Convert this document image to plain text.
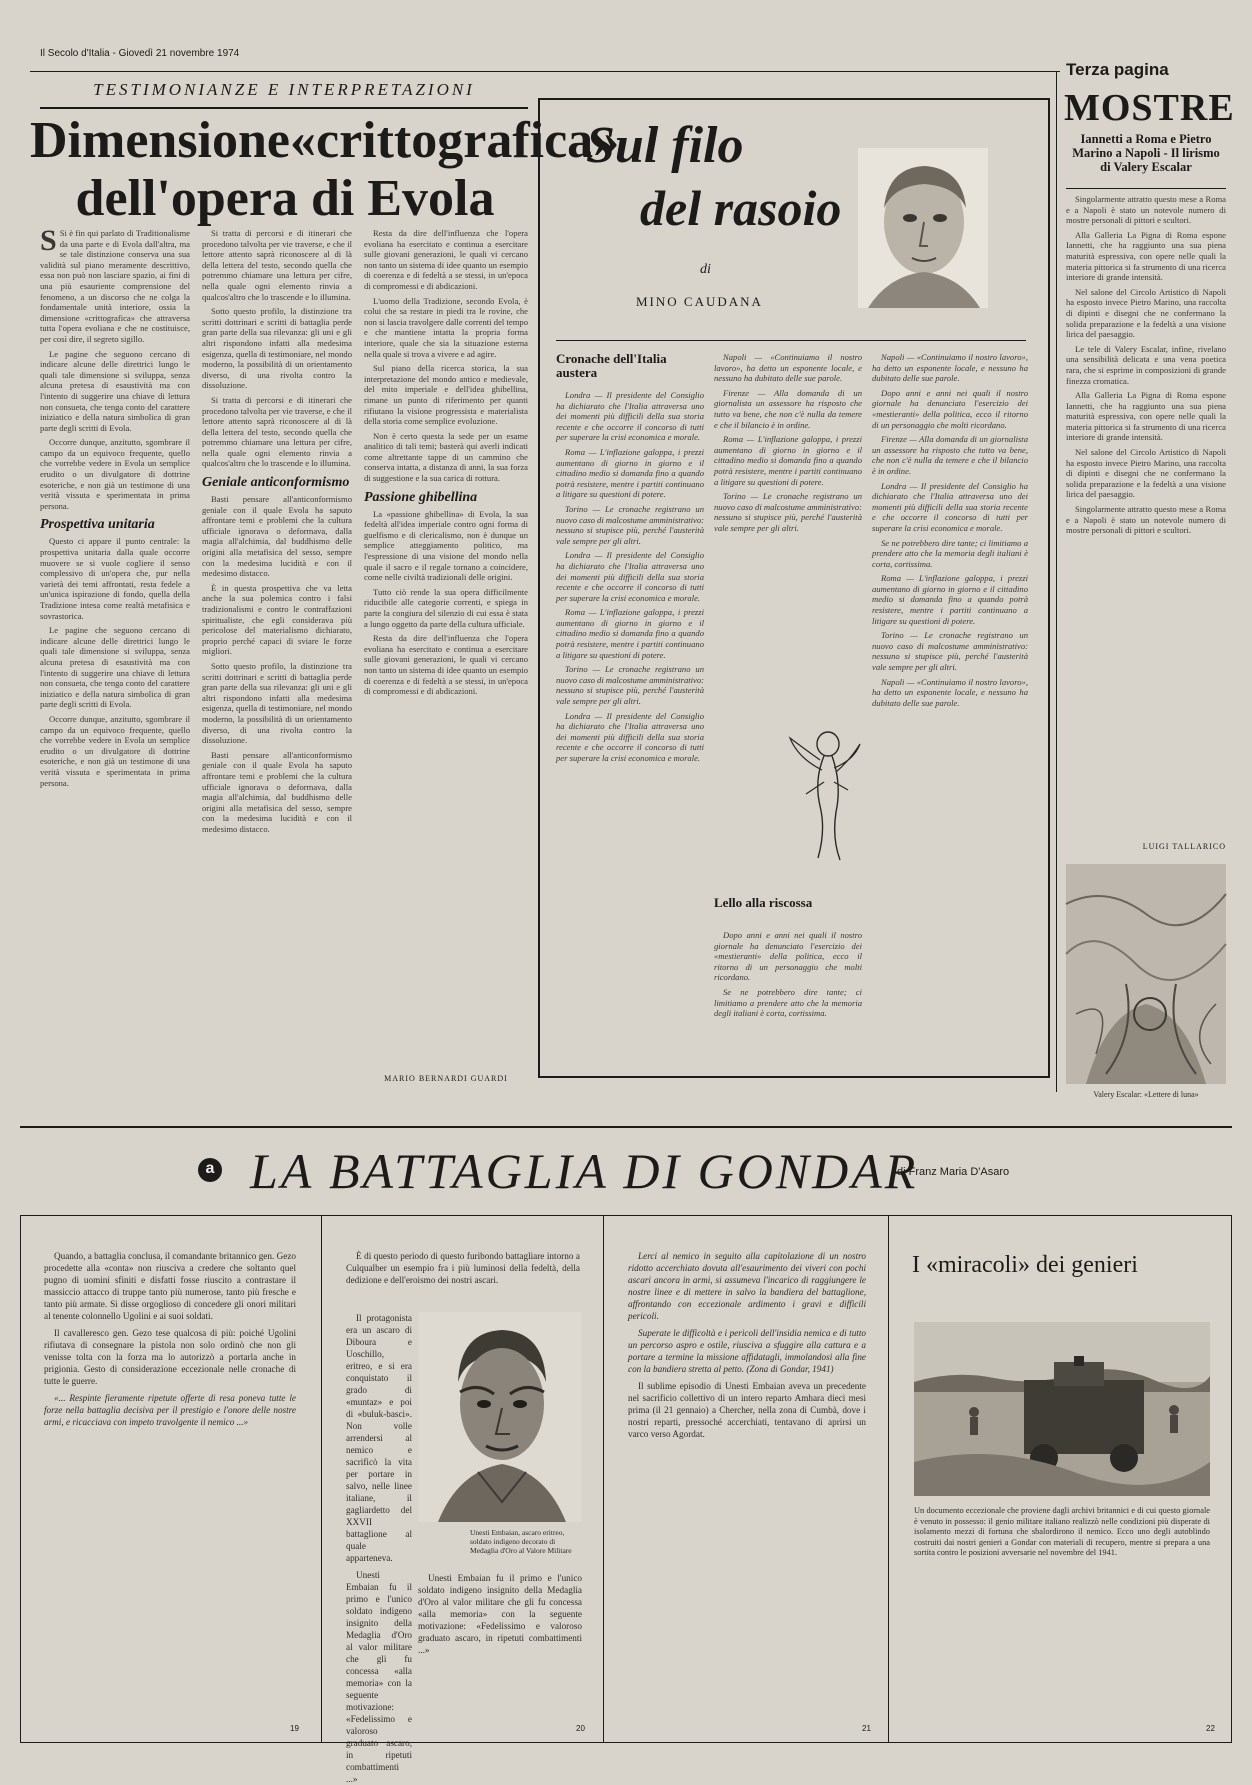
Il Secolo d'Italia - Giovedì 21 novembre 1974
Terza pagina
TESTIMONIANZE E INTERPRETAZIONI
Dimensione«crittografica»
dell'opera di Evola

S Si è fin qui parlato di Traditionalisme da una parte e di Evola dall'altra, ma se tale distinzione conserva una sua validità sul piano meramente descrittivo, essa non può non lasciare spazio, ai fini di una più esauriente comprensione del fenomeno, a un discorso che ne colga la fondamentale unità interiore, ossia la dimensione «crittografica» che attraversa tutta l'opera evoliana e che ne costituisce, per così dire, il segreto sigillo.

Le pagine che seguono cercano di indicare alcune delle direttrici lungo le quali tale dimensione si sviluppa, senza alcuna pretesa di esaustività ma con l'intento di suggerire una chiave di lettura non consueta, che tenga conto del carattere iniziatico e della natura simbolica di gran parte degli scritti di Evola.

Occorre dunque, anzitutto, sgombrare il campo da un equivoco frequente, quello che vorrebbe vedere in Evola un semplice erudito o un divulgatore di dottrine esoteriche, e non già un testimone di una verità vissuta e sperimentata in prima persona.

Prospettiva unitaria

Questo ci appare il punto centrale: la prospettiva unitaria dalla quale occorre muovere se si vuole cogliere il senso complessivo di un'opera che, pur nella varietà dei temi affrontati, resta fedele a un'unica ispirazione di fondo, quella della Tradizione intesa come realtà metafisica e sovrastorica.

Le pagine che seguono cercano di indicare alcune delle direttrici lungo le quali tale dimensione si sviluppa, senza alcuna pretesa di esaustività ma con l'intento di suggerire una chiave di lettura non consueta, che tenga conto del carattere iniziatico e della natura simbolica di gran parte degli scritti di Evola.

Occorre dunque, anzitutto, sgombrare il campo da un equivoco frequente, quello che vorrebbe vedere in Evola un semplice erudito o un divulgatore di dottrine esoteriche, e non già un testimone di una verità vissuta e sperimentata in prima persona.

Si tratta di percorsi e di itinerari che procedono talvolta per vie traverse, e che il lettore attento saprà riconoscere al di là della lettera del testo, secondo quella che potremmo chiamare una lettura per cifre, nella quale ogni elemento rinvia a qualcos'altro che lo trascende e lo illumina.

Sotto questo profilo, la distinzione tra scritti dottrinari e scritti di battaglia perde gran parte della sua rilevanza: gli uni e gli altri rispondono infatti alla medesima esigenza, quella di testimoniare, nel mondo moderno, la possibilità di un orientamento diverso, di una rivolta contro la dissoluzione.

Si tratta di percorsi e di itinerari che procedono talvolta per vie traverse, e che il lettore attento saprà riconoscere al di là della lettera del testo, secondo quella che potremmo chiamare una lettura per cifre, nella quale ogni elemento rinvia a qualcos'altro che lo trascende e lo illumina.

Geniale anticonformismo

Basti pensare all'anticonformismo geniale con il quale Evola ha saputo affrontare temi e problemi che la cultura ufficiale ignorava o deformava, dalla magia all'alchimia, dal buddhismo delle origini alla metafisica del sesso, sempre con la medesima lucidità e con il medesimo distacco.

È in questa prospettiva che va letta anche la sua polemica contro i falsi tradizionalismi e contro le contraffazioni spiritualiste, che egli considerava più pericolose del materialismo dichiarato, proprio perché capaci di sviare le forze migliori.

Sotto questo profilo, la distinzione tra scritti dottrinari e scritti di battaglia perde gran parte della sua rilevanza: gli uni e gli altri rispondono infatti alla medesima esigenza, quella di testimoniare, nel mondo moderno, la possibilità di un orientamento diverso, di una rivolta contro la dissoluzione.

Basti pensare all'anticonformismo geniale con il quale Evola ha saputo affrontare temi e problemi che la cultura ufficiale ignorava o deformava, dalla magia all'alchimia, dal buddhismo delle origini alla metafisica del sesso, sempre con la medesima lucidità e con il medesimo distacco.

Resta da dire dell'influenza che l'opera evoliana ha esercitato e continua a esercitare sulle giovani generazioni, le quali vi cercano non tanto un sistema di idee quanto un esempio di coerenza e di fedeltà a se stessi, in un'epoca di compromessi e di abdicazioni.

L'uomo della Tradizione, secondo Evola, è colui che sa restare in piedi tra le rovine, che non si lascia travolgere dalle correnti del tempo e che mantiene intatta la propria forma interiore, quale che sia la situazione esterna nella quale si trova a vivere e ad agire.

Sul piano della ricerca storica, la sua interpretazione del mondo antico e medievale, del mito imperiale e dell'idea ghibellina, rimane un punto di riferimento per quanti rifiutano la visione progressista e materialista della storia come semplice evoluzione.

Non è certo questa la sede per un esame analitico di tali temi; basterà qui averli indicati come altrettante tappe di un cammino che conserva intatta, a distanza di anni, la sua forza di suggestione e la sua carica di rottura.

Passione ghibellina

La «passione ghibellina» di Evola, la sua fedeltà all'idea imperiale contro ogni forma di guelfismo e di clericalismo, non è dunque un semplice atteggiamento politico, ma l'espressione di una visione del mondo nella quale il sacro e il regale tornano a coincidere, come nelle civiltà tradizionali delle origini.

Tutto ciò rende la sua opera difficilmente riducibile alle categorie correnti, e spiega in parte la congiura del silenzio di cui essa è stata a lungo oggetto da parte della cultura ufficiale.

Resta da dire dell'influenza che l'opera evoliana ha esercitato e continua a esercitare sulle giovani generazioni, le quali vi cercano non tanto un sistema di idee quanto un esempio di coerenza e di fedeltà a se stessi, in un'epoca di compromessi e di abdicazioni.

MARIO BERNARDI GUARDI
Sul filo
del rasoio
di
MINO CAUDANA
Cronache dell'Italia austera

Londra — Il presidente del Consiglio ha dichiarato che l'Italia attraversa uno dei momenti più difficili della sua storia recente e che occorre il concorso di tutti per superare la crisi economica e morale.

Roma — L'inflazione galoppa, i prezzi aumentano di giorno in giorno e il cittadino medio si domanda fino a quando potrà resistere, mentre i partiti continuano a litigare su questioni di potere.

Torino — Le cronache registrano un nuovo caso di malcostume amministrativo: nessuno si stupisce più, perché l'austerità vale sempre per gli altri.

Londra — Il presidente del Consiglio ha dichiarato che l'Italia attraversa uno dei momenti più difficili della sua storia recente e che occorre il concorso di tutti per superare la crisi economica e morale.

Roma — L'inflazione galoppa, i prezzi aumentano di giorno in giorno e il cittadino medio si domanda fino a quando potrà resistere, mentre i partiti continuano a litigare su questioni di potere.

Torino — Le cronache registrano un nuovo caso di malcostume amministrativo: nessuno si stupisce più, perché l'austerità vale sempre per gli altri.

Londra — Il presidente del Consiglio ha dichiarato che l'Italia attraversa uno dei momenti più difficili della sua storia recente e che occorre il concorso di tutti per superare la crisi economica e morale.

Napoli — «Continuiamo il nostro lavoro», ha detto un esponente locale, e nessuno ha dubitato delle sue parole.

Firenze — Alla domanda di un giornalista un assessore ha risposto che tutto va bene, che non c'è nulla da temere e che il bilancio è in ordine.

Roma — L'inflazione galoppa, i prezzi aumentano di giorno in giorno e il cittadino medio si domanda fino a quando potrà resistere, mentre i partiti continuano a litigare su questioni di potere.

Torino — Le cronache registrano un nuovo caso di malcostume amministrativo: nessuno si stupisce più, perché l'austerità vale sempre per gli altri.

Lello alla riscossa

Dopo anni e anni nei quali il nostro giornale ha denunciato l'esercizio dei «mestieranti» della politica, ecco il ritorno di un personaggio che molti ricordano.

Se ne potrebbero dire tante; ci limitiamo a prendere atto che la memoria degli italiani è corta, cortissima.

Napoli — «Continuiamo il nostro lavoro», ha detto un esponente locale, e nessuno ha dubitato delle sue parole.

Dopo anni e anni nei quali il nostro giornale ha denunciato l'esercizio dei «mestieranti» della politica, ecco il ritorno di un personaggio che molti ricordano.

Firenze — Alla domanda di un giornalista un assessore ha risposto che tutto va bene, che non c'è nulla da temere e che il bilancio è in ordine.

Londra — Il presidente del Consiglio ha dichiarato che l'Italia attraversa uno dei momenti più difficili della sua storia recente e che occorre il concorso di tutti per superare la crisi economica e morale.

Se ne potrebbero dire tante; ci limitiamo a prendere atto che la memoria degli italiani è corta, cortissima.

Roma — L'inflazione galoppa, i prezzi aumentano di giorno in giorno e il cittadino medio si domanda fino a quando potrà resistere, mentre i partiti continuano a litigare su questioni di potere.

Torino — Le cronache registrano un nuovo caso di malcostume amministrativo: nessuno si stupisce più, perché l'austerità vale sempre per gli altri.

Napoli — «Continuiamo il nostro lavoro», ha detto un esponente locale, e nessuno ha dubitato delle sue parole.

MOSTRE
Iannetti a Roma e Pietro Marino a Napoli - Il lirismo di Valery Escalar

Singolarmente attratto questo mese a Roma e a Napoli è stato un notevole numero di mostre personali di pittori e scultori.

Alla Galleria La Pigna di Roma espone Iannetti, che ha raggiunto una sua piena maturità espressiva, con opere nelle quali la materia pittorica si fa strumento di una ricerca interiore di grande intensità.

Nel salone del Circolo Artistico di Napoli ha esposto invece Pietro Marino, una raccolta di dipinti e disegni che ne confermano la solida preparazione e la fedeltà a una visione lirica del paesaggio.

Le tele di Valery Escalar, infine, rivelano una sensibilità delicata e una vena poetica rara, che si esprime in composizioni di grande finezza cromatica.

Alla Galleria La Pigna di Roma espone Iannetti, che ha raggiunto una sua piena maturità espressiva, con opere nelle quali la materia pittorica si fa strumento di una ricerca interiore di grande intensità.

Nel salone del Circolo Artistico di Napoli ha esposto invece Pietro Marino, una raccolta di dipinti e disegni che ne confermano la solida preparazione e la fedeltà a una visione lirica del paesaggio.

Singolarmente attratto questo mese a Roma e a Napoli è stato un notevole numero di mostre personali di pittori e scultori.

LUIGI TALLARICO
Valery Escalar: «Lettere di luna»
a LA BATTAGLIA DI GONDAR
di Franz Maria D'Asaro

Quando, a battaglia conclusa, il comandante britannico gen. Gezo procedette alla «conta» non riusciva a credere che soltanto quel pugno di uomini sfiniti e disfatti fosse riuscito a contrastare il massiccio attacco di truppe tanto più numerose, tanto più fresche e tanto più armate. Si disse orgoglioso di concedere gli onori militari al tenente colonnello Ugolini e ai suoi soldati.

Il cavalleresco gen. Gezo tese qualcosa di più: poiché Ugolini rifiutava di consegnare la pistola non solo ordinò che non gli venisse tolta con la forza ma lo autorizzò a portarla anche in prigionia. Gesto di considerazione eccezionale nelle cronache di tutte le guerre.

«... Respinte fieramente ripetute offerte di resa poneva tutte le forze nella battaglia decisiva per il prestigio e l'onore delle nostre armi, e ricacciava con impeto travolgente il nemico ...»

19

È di questo periodo di questo furibondo battagliare intorno a Culqualber un esempio fra i più luminosi della fedeltà, della dedizione e dell'eroismo dei nostri ascari.

Il protagonista era un ascaro di Diboura e Uoschillo, eritreo, e si era conquistato il grado di «muntaz» e poi di «buluk-basci». Non volle arrendersi al nemico e sacrificò la vita per portare in salvo, nelle linee italiane, il gagliardetto del XXVII battaglione al quale apparteneva.

Unesti Embaian fu il primo e l'unico soldato indigeno insignito della Medaglia d'Oro al valor militare che gli fu concessa «alla memoria» con la seguente motivazione: «Fedelissimo e valoroso graduato ascaro, in ripetuti combattimenti ...»

Unesti Embaian, ascaro eritreo, soldato indigeno decorato di Medaglia d'Oro al Valore Militare

Unesti Embaian fu il primo e l'unico soldato indigeno insignito della Medaglia d'Oro al valor militare che gli fu concessa «alla memoria» con la seguente motivazione: «Fedelissimo e valoroso graduato ascaro, in ripetuti combattimenti ...»

20

Lerci al nemico in seguito alla capitolazione di un nostro ridotto accerchiato dovuta all'esaurimento dei viveri con pochi ascari ancora in armi, si assumeva l'incarico di raggiungere le nostre linee e di mettere in salvo la bandiera del battaglione, affrontando con eccezionale ardimento i gravi e difficili pericoli.

Superate le difficoltà e i pericoli dell'insidia nemica e di tutto un percorso aspro e ostile, riusciva a sfuggire alla cattura e a portare a termine la missione affidatagli, immolandosi alla fine con la bandiera stretta al petto. (Zona di Gondar, 1941)

Il sublime episodio di Unesti Embaian aveva un precedente nel sacrificio collettivo di un intero reparto Amhara diecì mesi prima (il 21 gennaio) a Chercher, nella zona di Cumbà, dove i nostri reparti, pressoché accerchiati, tentavano di aprirsi un varco verso Agordat.

21
I «miracoli» dei genieri
Un documento eccezionale che proviene dagli archivi britannici e di cui questo giornale è venuto in possesso: il genio militare italiano realizzò nelle condizioni più disperate di isolamento mezzi di fortuna che sbalordirono il nemico. Ecco uno degli autoblindo costruiti dai nostri genieri a Gondar con materiali di recupero, mentre si prepara a una sortita contro le posizioni avversarie nel novembre del 1941.
22
